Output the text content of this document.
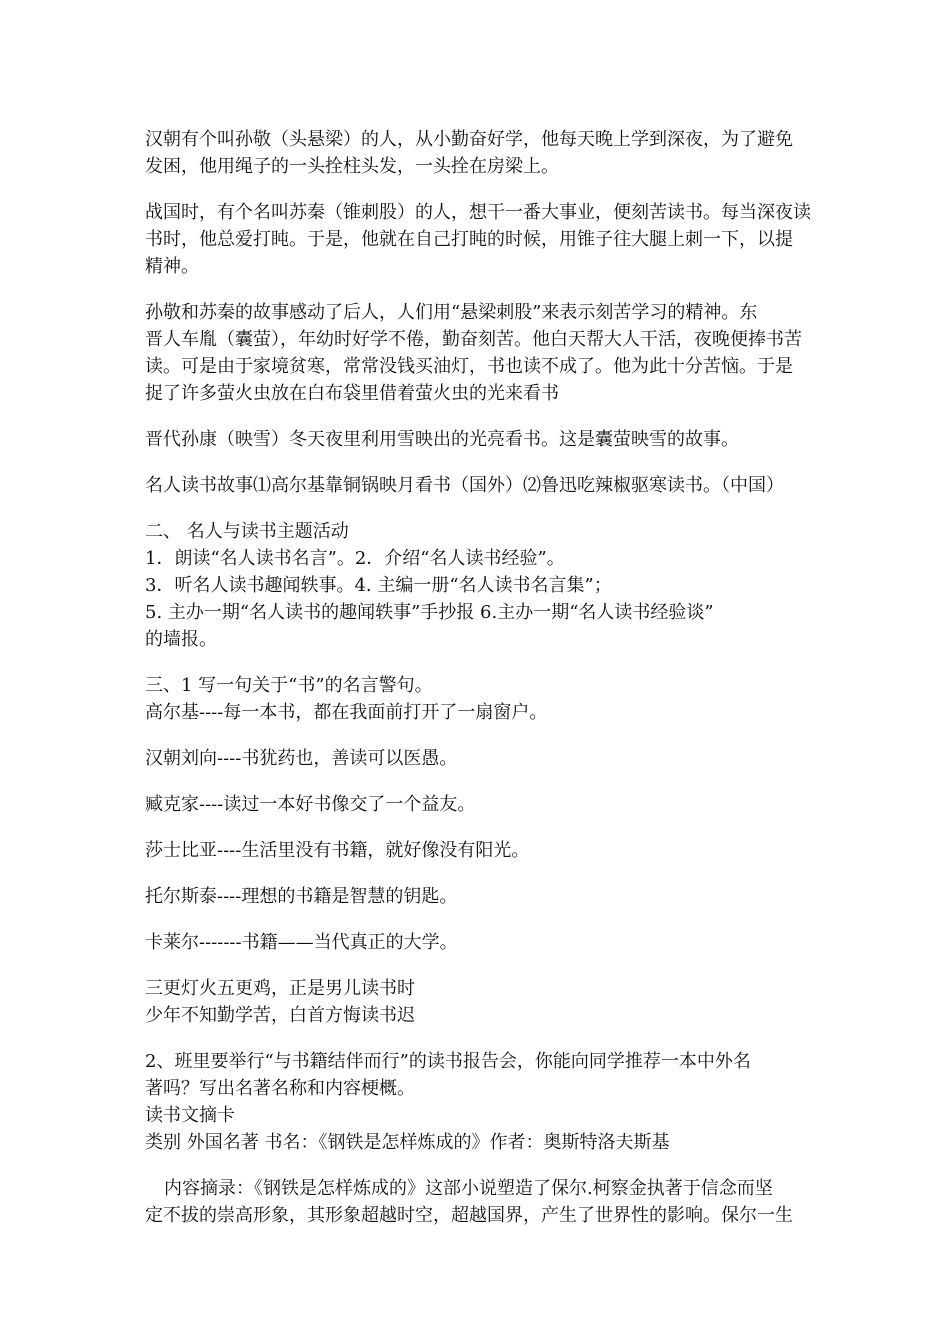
汉朝有个叫孙敬（头悬梁）的人，从小勤奋好学，他每天晚上学到深夜，为了避免
发困，他用绳子的一头拴柱头发，一头拴在房梁上。
战国时，有个名叫苏秦（锥刺股）的人，想干一番大事业，便刻苦读书。每当深夜读
书时，他总爱打盹。于是，他就在自己打盹的时候，用锥子往大腿上刺一下，以提
精神。
孙敬和苏秦的故事感动了后人，人们用“悬梁刺股”来表示刻苦学习的精神。东
晋人车胤（囊萤），年幼时好学不倦，勤奋刻苦。他白天帮大人干活，夜晚便捧书苦
读。可是由于家境贫寒，常常没钱买油灯，书也读不成了。他为此十分苦恼。于是
捉了许多萤火虫放在白布袋里借着萤火虫的光来看书
晋代孙康（映雪）冬天夜里利用雪映出的光亮看书。这是囊萤映雪的故事。
名人读书故事⑴高尔基靠铜锅映月看书（国外）⑵鲁迅吃辣椒驱寒读书。（中国）
二、 名人与读书主题活动
1．朗读“名人读书名言”。2．介绍“名人读书经验”。
3．听名人读书趣闻轶事。4. 主编一册“名人读书名言集”；
5. 主办一期“名人读书的趣闻轶事”手抄报 6.主办一期“名人读书经验谈”
的墙报。
三、1 写一句关于“书”的名言警句。
高尔基----每一本书，都在我面前打开了一扇窗户。
汉朝刘向----书犹药也，善读可以医愚。
臧克家----读过一本好书像交了一个益友。
莎士比亚----生活里没有书籍，就好像没有阳光。
托尔斯泰----理想的书籍是智慧的钥匙。
卡莱尔-------书籍——当代真正的大学。
三更灯火五更鸡，正是男儿读书时
少年不知勤学苦，白首方悔读书迟
2、班里要举行“与书籍结伴而行”的读书报告会，你能向同学推荐一本中外名
著吗？写出名著名称和内容梗概。
读书文摘卡
类别 外国名著 书名：《钢铁是怎样炼成的》作者：奥斯特洛夫斯基
内容摘录：《钢铁是怎样炼成的》这部小说塑造了保尔.柯察金执著于信念而坚
定不拔的崇高形象，其形象超越时空，超越国界，产生了世界性的影响。保尔一生
